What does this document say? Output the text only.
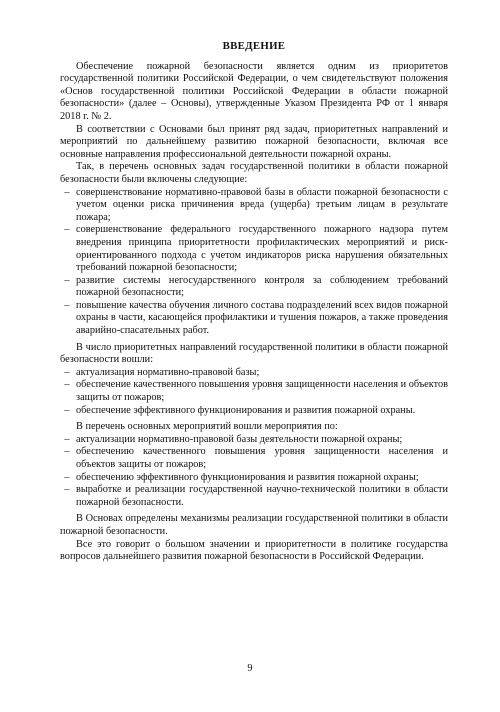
ВВЕДЕНИЕ

Обеспечение пожарной безопасности является одним из приоритетов государственной политики Российской Федерации, о чем свидетельствуют положения «Основ государственной политики Российской Федерации в области пожарной безопасности» (далее – Основы), утвержденные Указом Президента РФ от 1 января 2018 г. № 2.

В соответствии с Основами был принят ряд задач, приоритетных направлений и мероприятий по дальнейшему развитию пожарной безопасности, включая все основные направления профессиональной деятельности пожарной охраны.

Так, в перечень основных задач государственной политики в области пожарной безопасности были включены следующие:

– совершенствование нормативно-правовой базы в области пожарной безопасности с учетом оценки риска причинения вреда (ущерба) третьим лицам в результате пожара;
– совершенствование федерального государственного пожарного надзора путем внедрения принципа приоритетности профилактических мероприятий и риск-ориентированного подхода с учетом индикаторов риска нарушения обязательных требований пожарной безопасности;
– развитие системы негосударственного контроля за соблюдением требований пожарной безопасности;
– повышение качества обучения личного состава подразделений всех видов пожарной охраны в части, касающейся профилактики и тушения пожаров, а также проведения аварийно-спасательных работ.

В число приоритетных направлений государственной политики в области пожарной безопасности вошли:

– актуализация нормативно-правовой базы;
– обеспечение качественного повышения уровня защищенности населения и объектов защиты от пожаров;
– обеспечение эффективного функционирования и развития пожарной охраны.

В перечень основных мероприятий вошли мероприятия по:

– актуализации нормативно-правовой базы деятельности пожарной охраны;
– обеспечению качественного повышения уровня защищенности населения и объектов защиты от пожаров;
– обеспечению эффективного функционирования и развития пожарной охраны;
– выработке и реализации государственной научно-технической политики в области пожарной безопасности.

В Основах определены механизмы реализации государственной политики в области пожарной безопасности.

Все это говорит о большом значении и приоритетности в политике государства вопросов дальнейшего развития пожарной безопасности в Российской Федерации.

9
